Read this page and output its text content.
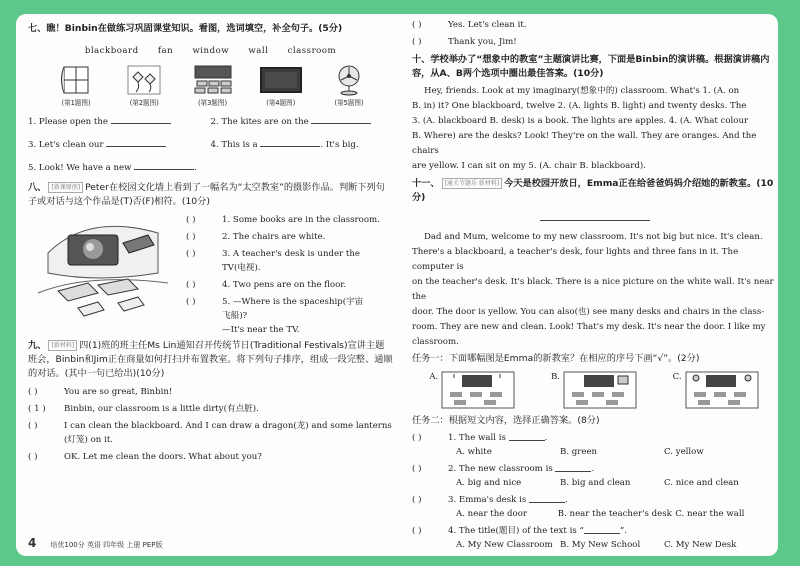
七、瞧！Binbin在做练习巩固课堂知识。看图，选词填空，补全句子。(5分)
blackboard fan window wall classroom
(第1题图)	(第2题图)	(第3题图)	(第4题图)	(第5题图)
1. Please open the	2. The kites are on the
3. Let's clean our	4. This is a	. It's big.
5. Look! We have a new	.
八、 [新课原创] Peter在校园文化墙上看到了一幅名为“太空教室”的摄影作品。判断下列句子或对话与这个作品是(T)否(F)相符。(10分)
( )	1. Some books are in the classroom.
( )	2. The chairs are white.
( )	3. A teacher's desk is under the
TV(电视).
( )	4. Two pens are on the floor.
( )	5. —Where is the spaceship(宇宙
飞船)?
—It's near the TV.
九、 [新材料] 四(1)班的班主任Ms Lin通知召开传统节日(Traditional Festivals)宣讲主题班会，Binbin和Jim正在商量如何打扫并布置教室。将下列句子排序，组成一段完整、通顺的对话。(其中一句已给出)(10分)
( )	You are so great, Binbin!
( 1 )	Binbin, our classroom is a little dirty(有点脏).
( )	I can clean the blackboard. And I can draw a dragon(龙) and some lanterns
(灯笼) on it.
( )	OK. Let me clean the doors. What about you?
( )	Yes. Let's clean it.
( )	Thank you, Jim!
十、学校举办了“想象中的教室”主题演讲比赛，下面是Binbin的演讲稿。根据演讲稿内容，从A、B两个选项中圈出最佳答案。(10分)
Hey, friends. Look at my imaginary(想象中的) classroom. What's 1. (A. on
B. in) it? One blackboard, twelve 2. (A. lights B. light) and twenty desks. The
3. (A. blackboard B. desk) is a book. The lights are apples. 4. (A. What colour
B. Where) are the desks? Look! They're on the wall. They are oranges. And the chairs
are yellow. I can sit on my 5. (A. chair B. blackboard).
十一、 [通关节题乐·新材料] 今天是校园开放日，Emma正在给爸爸妈妈介绍她的新教室。(10分)
Dad and Mum, welcome to my new classroom. It's not big but nice. It's clean.
There's a blackboard, a teacher's desk, four lights and three fans in it. The computer is
on the teacher's desk. It's black. There is a nice picture on the white wall. It's near the
door. The door is yellow. You can also(也) see many desks and chairs in the class-
room. They are new and clean. Look! That's my desk. It's near the door. I like my
classroom.
任务一：下面哪幅图是Emma的新教室？在相应的序号下画“√”。(2分)
A.	B.	C.
任务二：根据短文内容，选择正确答案。(8分)
( )	1. The wall is
	.
A. white	B. green	C. yellow
( )	2. The new classroom is
	.
A. big and nice	B. big and clean	C. nice and clean
( )	3. Emma's desk is
	.
A. near the door	B. near the teacher's desk C. near the wall
( )	4. The title(题目) of the text is “	”.
A. My New Classroom B. My New School	C. My New Desk
4 培优100分 英语 四年级 上册 PEP版
